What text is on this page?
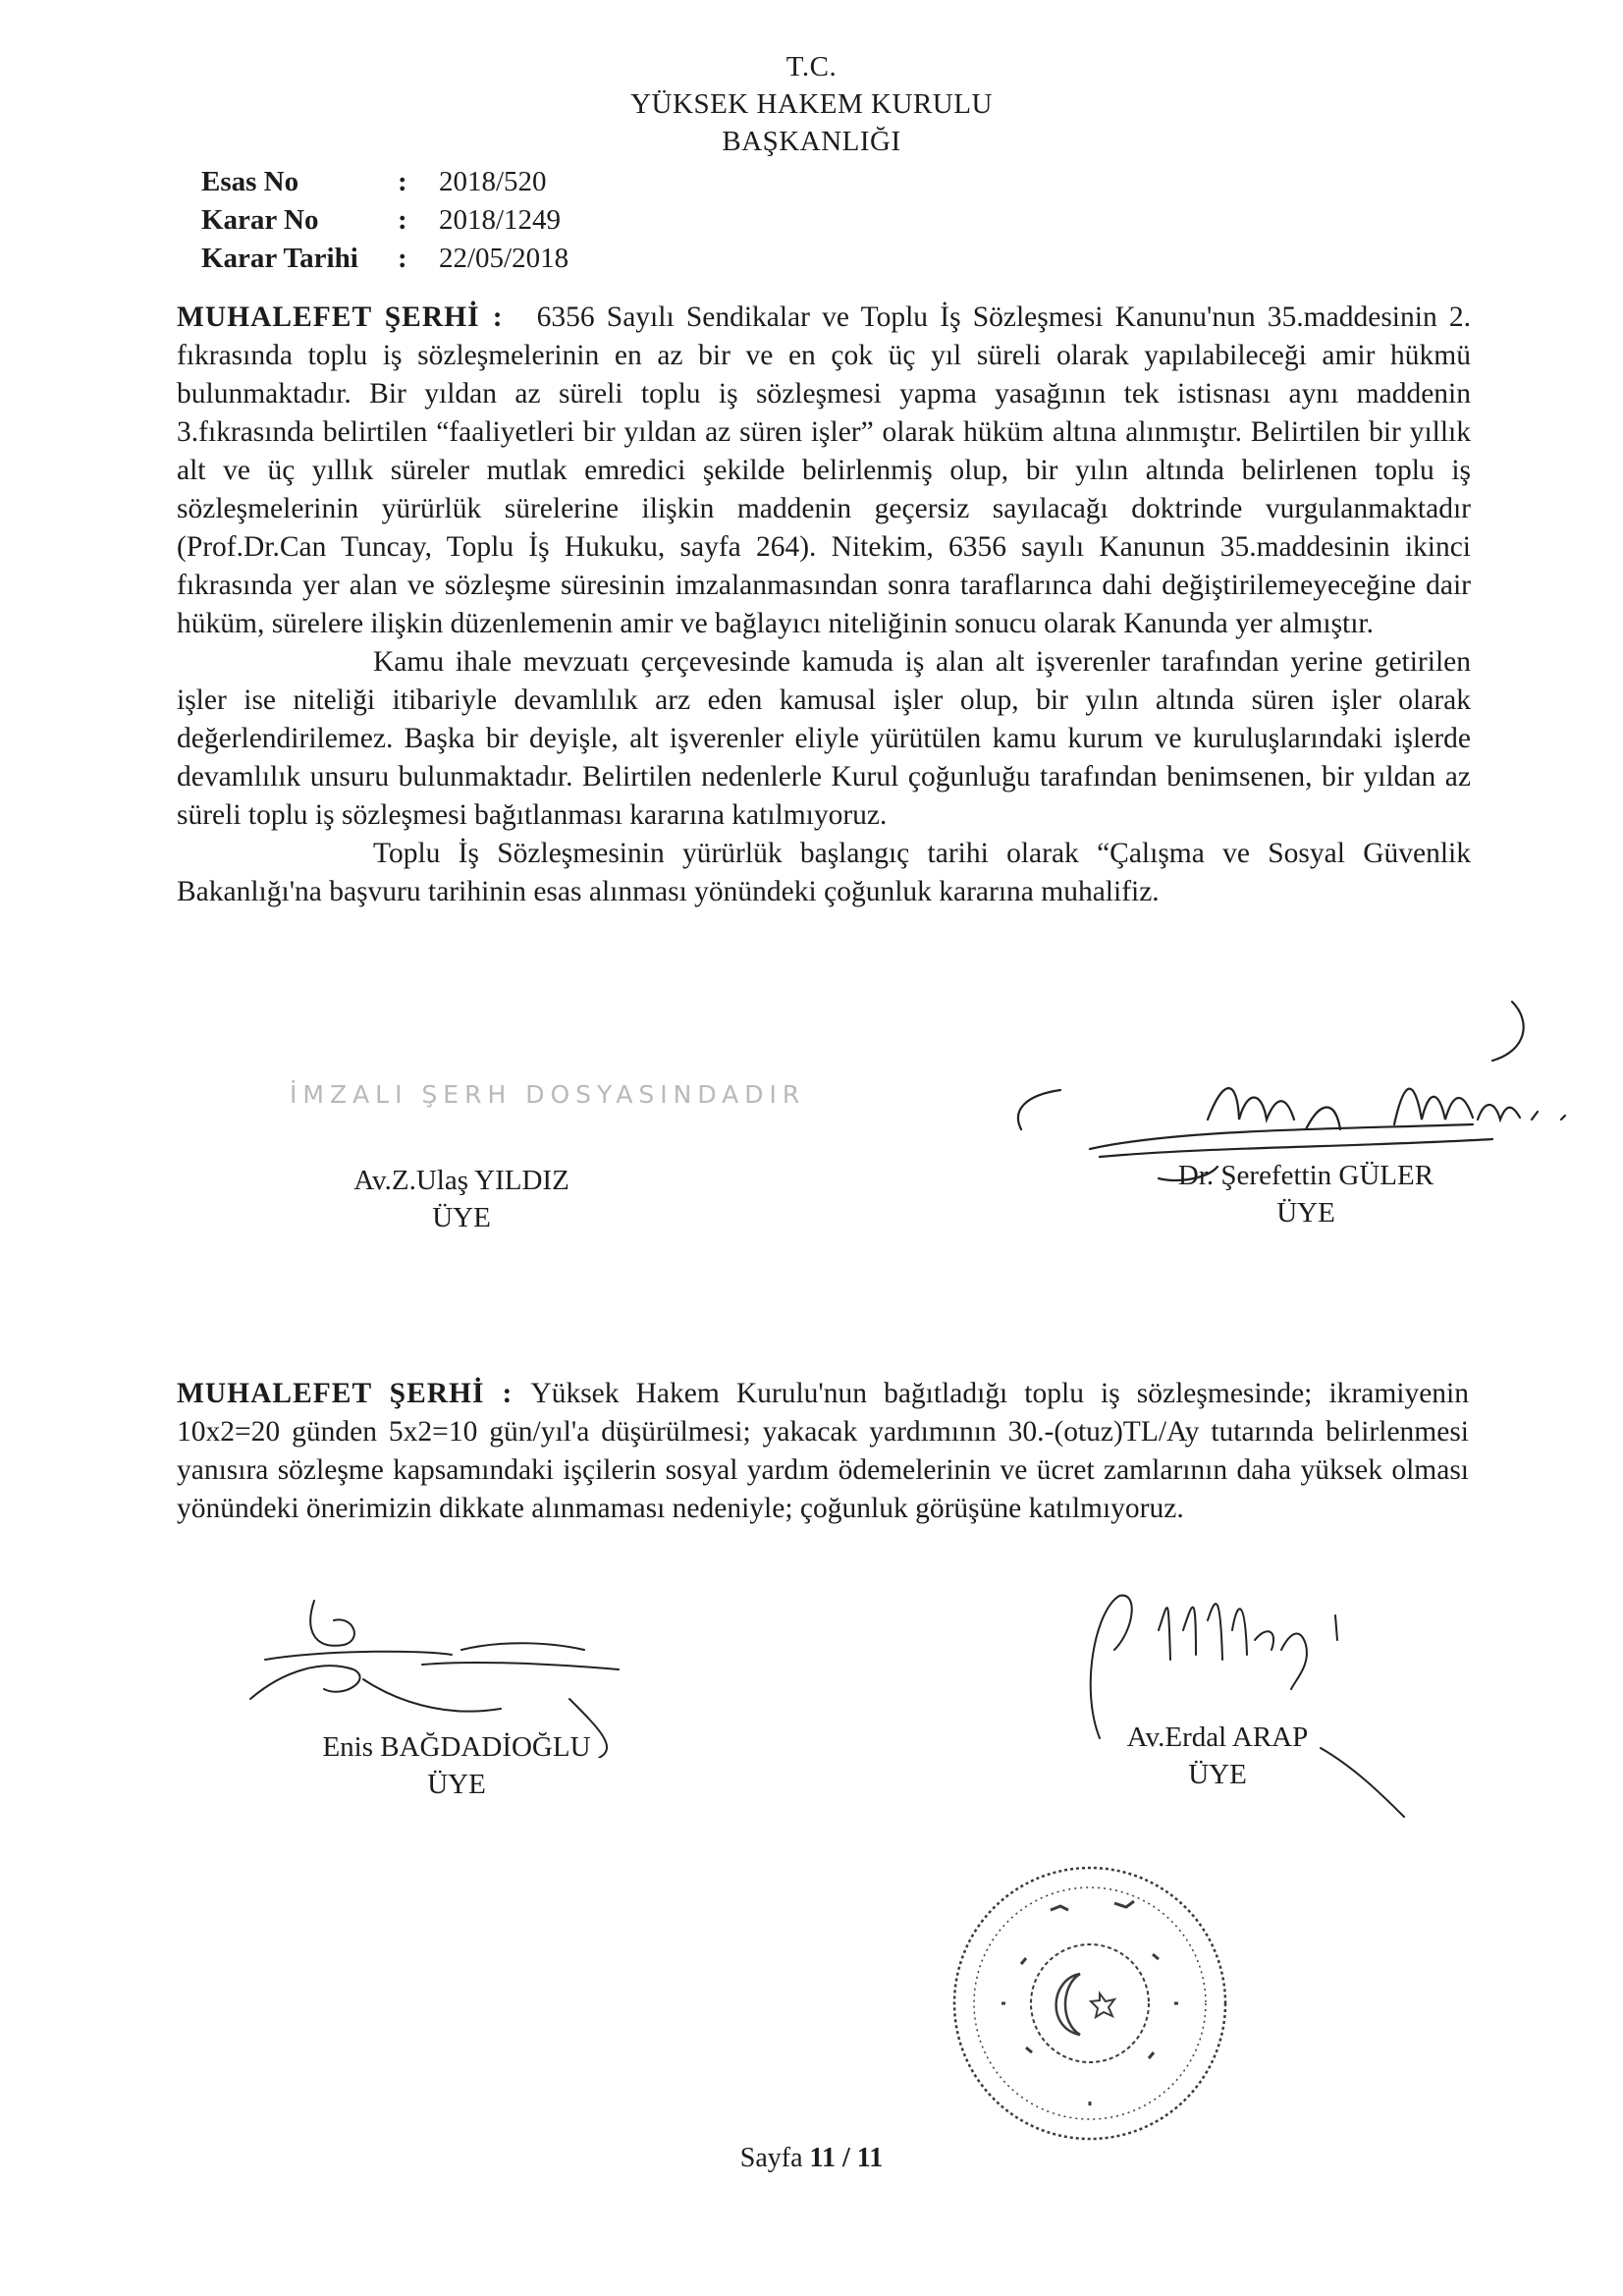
T.C.
YÜKSEK HAKEM KURULU
BAŞKANLIĞI
Esas No	:	2018/520
Karar No	:	2018/1249
Karar Tarihi	:	22/05/2018

MUHALEFET ŞERHİ : 6356 Sayılı Sendikalar ve Toplu İş Sözleşmesi Kanunu'nun 35.maddesinin 2. fıkrasında toplu iş sözleşmelerinin en az bir ve en çok üç yıl süreli olarak yapılabileceği amir hükmü bulunmaktadır. Bir yıldan az süreli toplu iş sözleşmesi yapma yasağının tek istisnası aynı maddenin 3.fıkrasında belirtilen “faaliyetleri bir yıldan az süren işler” olarak hüküm altına alınmıştır. Belirtilen bir yıllık alt ve üç yıllık süreler mutlak emredici şekilde belirlenmiş olup, bir yılın altında belirlenen toplu iş sözleşmelerinin yürürlük sürelerine ilişkin maddenin geçersiz sayılacağı doktrinde vurgulanmaktadır (Prof.Dr.Can Tuncay, Toplu İş Hukuku, sayfa 264). Nitekim, 6356 sayılı Kanunun 35.maddesinin ikinci fıkrasında yer alan ve sözleşme süresinin imzalanmasından sonra taraflarınca dahi değiştirilemeyeceğine dair hüküm, sürelere ilişkin düzenlemenin amir ve bağlayıcı niteliğinin sonucu olarak Kanunda yer almıştır.

Kamu ihale mevzuatı çerçevesinde kamuda iş alan alt işverenler tarafından yerine getirilen işler ise niteliği itibariyle devamlılık arz eden kamusal işler olup, bir yılın altında süren işler olarak değerlendirilemez. Başka bir deyişle, alt işverenler eliyle yürütülen kamu kurum ve kuruluşlarındaki işlerde devamlılık unsuru bulunmaktadır. Belirtilen nedenlerle Kurul çoğunluğu tarafından benimsenen, bir yıldan az süreli toplu iş sözleşmesi bağıtlanması kararına katılmıyoruz.

Toplu İş Sözleşmesinin yürürlük başlangıç tarihi olarak “Çalışma ve Sosyal Güvenlik Bakanlığı'na başvuru tarihinin esas alınması yönündeki çoğunluk kararına muhalifiz.

İMZALI ŞERH DOSYASINDADIR
Av.Z.Ulaş YILDIZ
ÜYE
Dr. Şerefettin GÜLER
ÜYE

MUHALEFET ŞERHİ : Yüksek Hakem Kurulu'nun bağıtladığı toplu iş sözleşmesinde; ikramiyenin 10x2=20 günden 5x2=10 gün/yıl'a düşürülmesi; yakacak yardımının 30.-(otuz)TL/Ay tutarında belirlenmesi yanısıra sözleşme kapsamındaki işçilerin sosyal yardım ödemelerinin ve ücret zamlarının daha yüksek olması yönündeki önerimizin dikkate alınmaması nedeniyle; çoğunluk görüşüne katılmıyoruz.

Enis BAĞDADİOĞLU
ÜYE
Av.Erdal ARAP
ÜYE
Sayfa 11 / 11
